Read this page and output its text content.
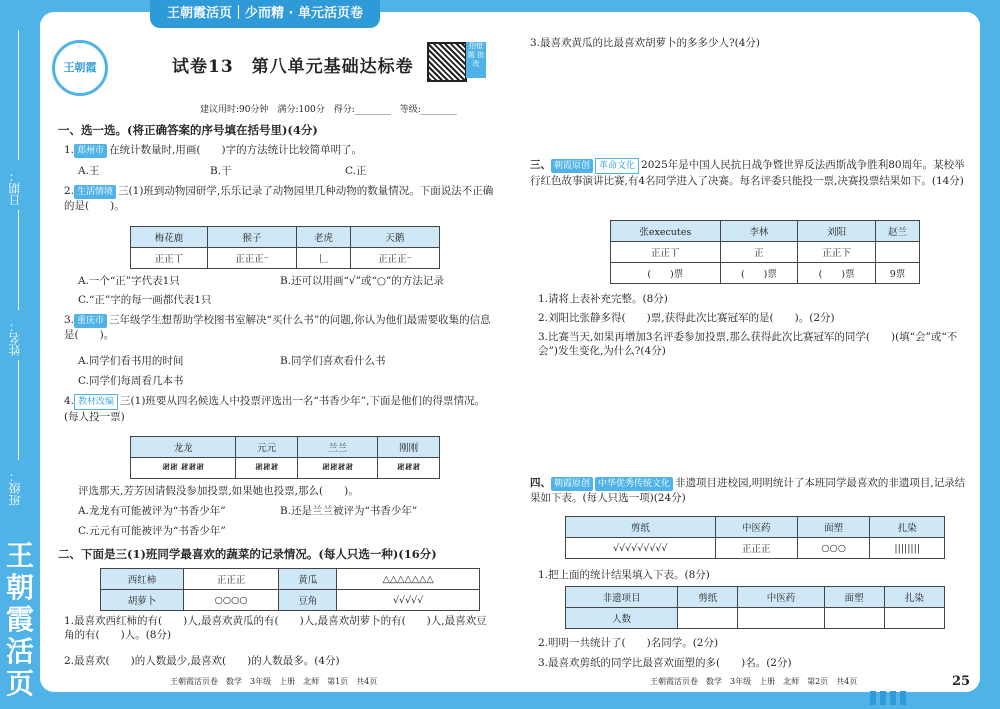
日期：
姓名：
班级：
王朝霞活页
王朝霞活页｜少而精 · 单元活页卷
王朝霞	试卷13　第八单元基础达标卷
拍错题 批改
建议用时:90分钟　满分:100分　得分:________　等级:________
一、选一选。(将正确答案的序号填在括号里)(4分)
1. 郑州市 在统计数量时,用画(　　)字的方法统计比较简单明了。
A.王	B.干	C.正
2. 生活情境 三(1)班到动物园研学,乐乐记录了动物园里几种动物的数量情况。下面说法不正确的是(　　)。
梅花鹿	猴子	老虎	天鹅
正正丅	正正正⁻	𠃊	正正正⁻
A.一个“正”字代表1只	B.还可以用画“√”或“○”的方法记录
C.“正”字的每一画都代表1只
3. 重庆市 三年级学生想帮助学校图书室解决“买什么书”的问题,你认为他们最需要收集的信息是(　　)。
A.同学们看书用的时间	B.同学们喜欢看什么书
C.同学们每周看几本书
4. 教材改编 三(1)班要从四名候选人中投票评选出一名“书香少年”,下面是他们的得票情况。(每人投一票)
龙龙	元元	兰兰	刚刚
𝍸𝍸 𝍸𝍸𝍸	𝍸𝍸𝍸	𝍸𝍸𝍸𝍸	𝍸𝍸𝍸
评选那天,芳芳因请假没参加投票,如果她也投票,那么(　　)。
A.龙龙有可能被评为“书香少年”	B.还是兰兰被评为“书香少年”
C.元元有可能被评为“书香少年”
二、下面是三(1)班同学最喜欢的蔬菜的记录情况。(每人只选一种)(16分)
西红柿	正正正	黄瓜	△△△△△△△
胡萝卜	○○○○	豆角	√√√√√
1.最喜欢西红柿的有(　　)人,最喜欢黄瓜的有(　　)人,最喜欢胡萝卜的有(　　)人,最喜欢豆角的有(　　)人。(8分)
2.最喜欢(　　)的人数最少,最喜欢(　　)的人数最多。(4分)
王朝霞活页卷　数学　3年级　上册　北师　第1页　共4页
3.最喜欢黄瓜的比最喜欢胡萝卜的多多少人?(4分)
三、 朝霞原创 革命文化 2025年是中国人民抗日战争暨世界反法西斯战争胜利80周年。某校举行红色故事演讲比赛,有4名同学进入了决赛。每名评委只能投一票,决赛投票结果如下。(14分)
张executes	李林	刘阳	赵兰
正正丅	正	正正下	
(　　)票	(　　)票	(　　)票	9票
1.请将上表补充完整。(8分)
2.刘阳比张静多得(　　)票,获得此次比赛冠军的是(　　)。(2分)
3.比赛当天,如果再增加3名评委参加投票,那么获得此次比赛冠军的同学(　　)(填“会”或“不会”)发生变化,为什么?(4分)
四、 朝霞原创 中华优秀传统文化 非遗项目进校园,明明统计了本班同学最喜欢的非遗项目,记录结果如下表。(每人只选一项)(24分)
剪纸	中医药	面塑	扎染
√√√√√√√√√	正正正	○○○	||||||||
1.把上面的统计结果填入下表。(8分)
非遗项目	剪纸	中医药	面塑	扎染
人数				
2.明明一共统计了(　　)名同学。(2分)
3.最喜欢剪纸的同学比最喜欢面塑的多(　　)名。(2分)
王朝霞活页卷　数学　3年级　上册　北师　第2页　共4页	25
